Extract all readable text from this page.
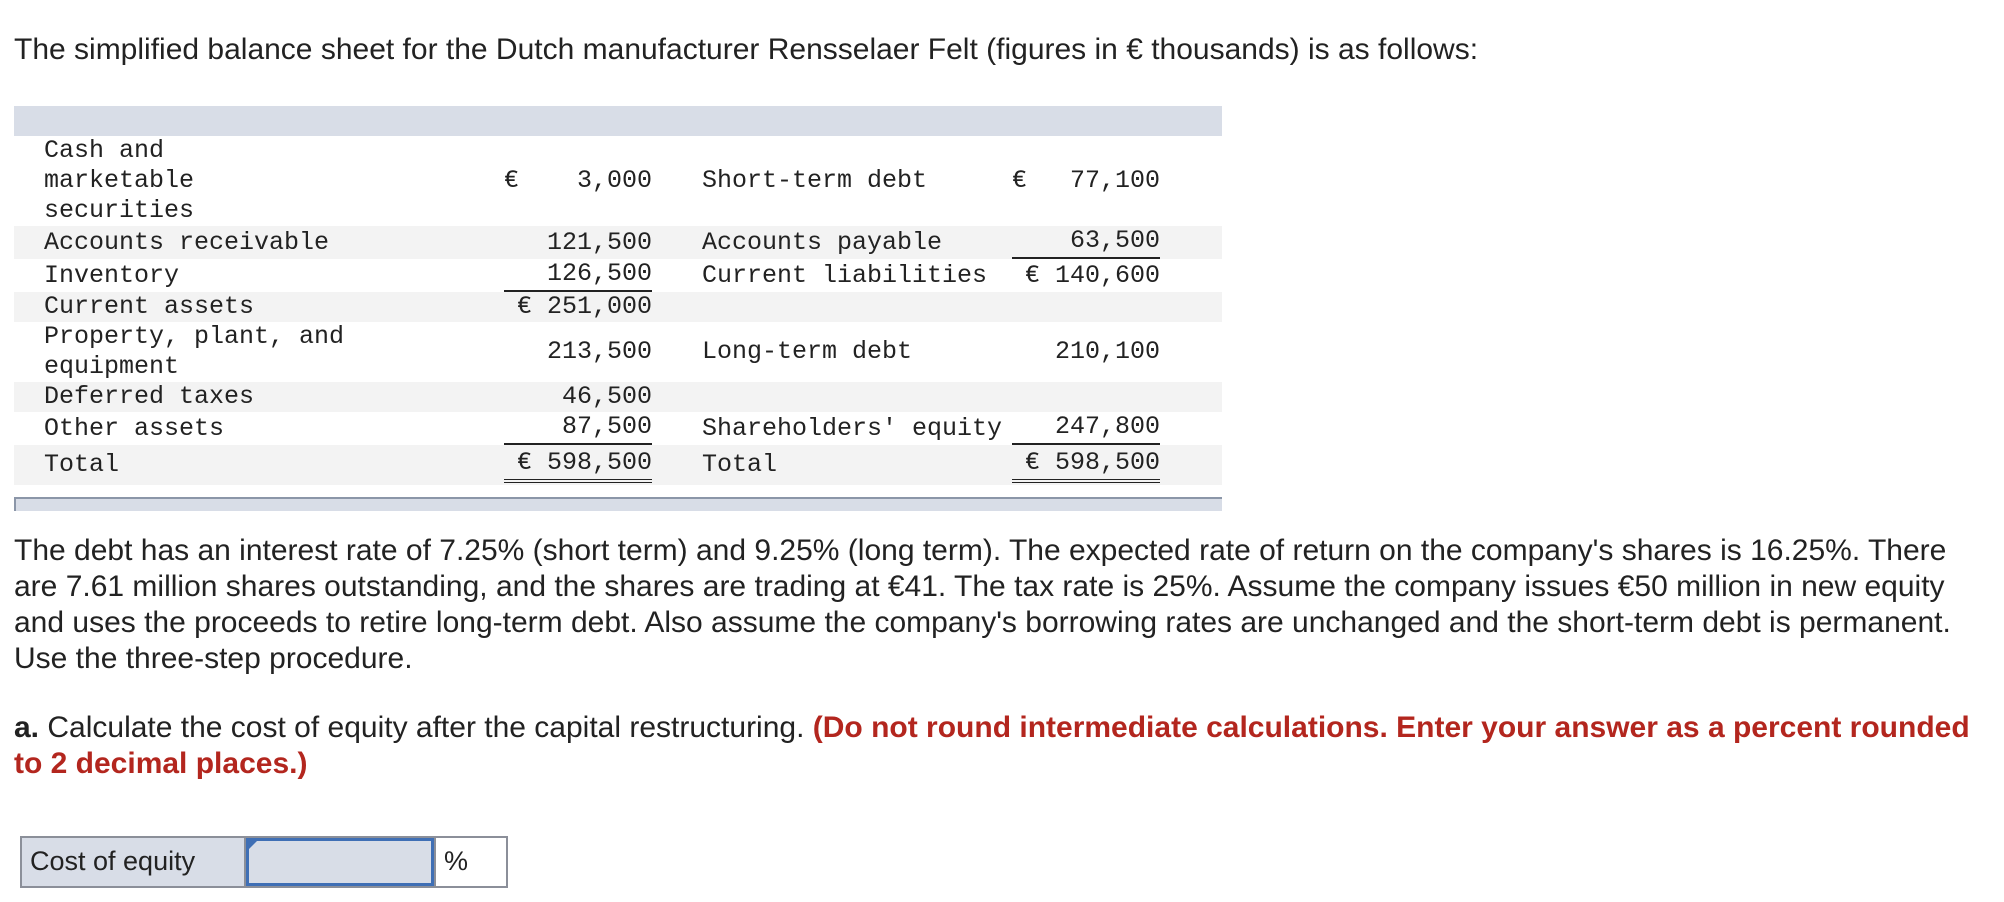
The simplified balance sheet for the Dutch manufacturer Rensselaer Felt (figures in € thousands) is as follows:

Cash and marketable securities	€ 3,000	Short-term debt	€ 77,100
Accounts receivable	121,500	Accounts payable	63,500
Inventory	126,500	Current liabilities	€ 140,600
Current assets	€ 251,000		
Property, plant, and equipment	213,500	Long-term debt	210,100
Deferred taxes	46,500		
Other assets	87,500	Shareholders' equity	247,800
Total	€ 598,500	Total	€ 598,500

The debt has an interest rate of 7.25% (short term) and 9.25% (long term). The expected rate of return on the company's shares is 16.25%. There are 7.61 million shares outstanding, and the shares are trading at €41. The tax rate is 25%. Assume the company issues €50 million in new equity and uses the proceeds to retire long-term debt. Also assume the company's borrowing rates are unchanged and the short-term debt is permanent. Use the three-step procedure.

a. Calculate the cost of equity after the capital restructuring. (Do not round intermediate calculations. Enter your answer as a percent rounded to 2 decimal places.)

Cost of equity	%
